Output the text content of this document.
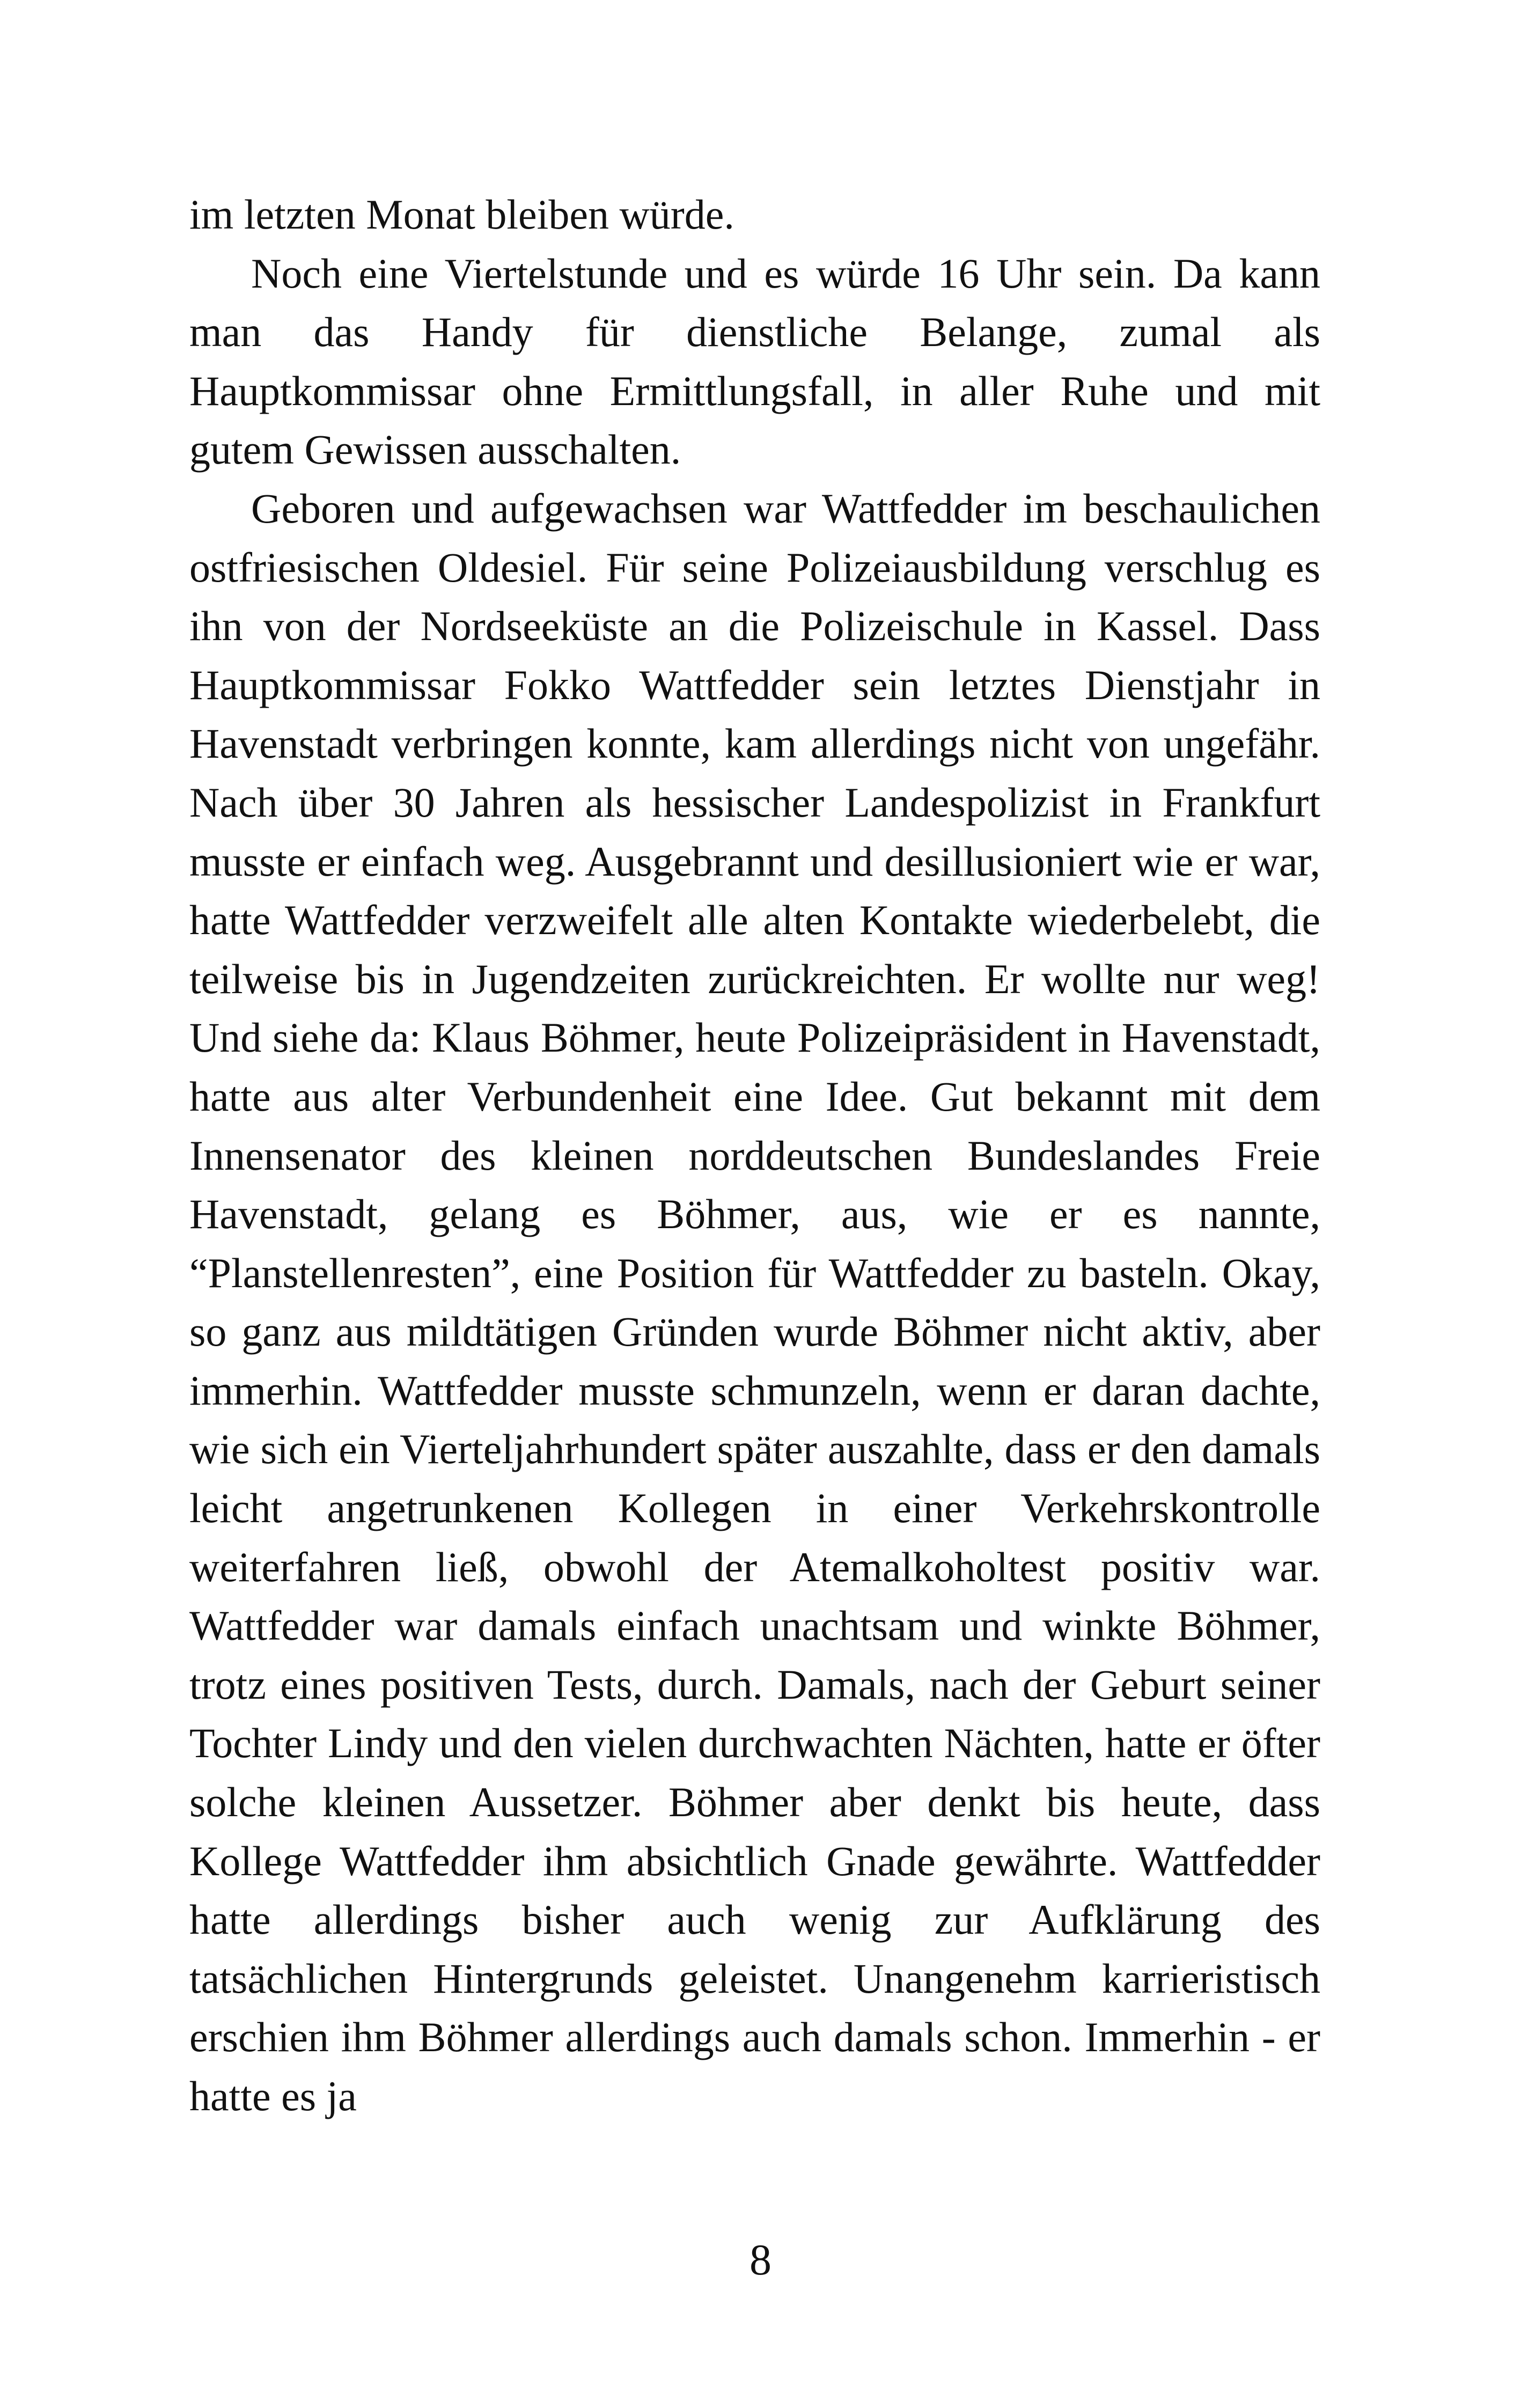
im letzten Monat bleiben würde.

Noch eine Viertelstunde und es würde 16 Uhr sein. Da kann man das Handy für dienstliche Belange, zumal als Hauptkommissar ohne Ermittlungsfall, in aller Ruhe und mit gutem Gewissen ausschalten.

Geboren und aufgewachsen war Wattfedder im beschaulichen ostfriesischen Oldesiel. Für seine Polizeiausbildung verschlug es ihn von der Nordseeküste an die Polizeischule in Kassel. Dass Hauptkommissar Fokko Wattfedder sein letztes Dienstjahr in Havenstadt verbringen konnte, kam allerdings nicht von ungefähr. Nach über 30 Jahren als hessischer Landespolizist in Frankfurt musste er einfach weg. Ausgebrannt und desillusioniert wie er war, hatte Wattfedder verzweifelt alle alten Kontakte wiederbelebt, die teilweise bis in Jugendzeiten zurückreichten. Er wollte nur weg! Und siehe da: Klaus Böhmer, heute Polizeipräsident in Havenstadt, hatte aus alter Verbundenheit eine Idee. Gut bekannt mit dem Innensenator des kleinen norddeutschen Bundeslandes Freie Havenstadt, gelang es Böhmer, aus, wie er es nannte, “Planstellenresten”, eine Position für Wattfedder zu basteln. Okay, so ganz aus mildtätigen Gründen wurde Böhmer nicht aktiv, aber immerhin. Wattfedder musste schmunzeln, wenn er daran dachte, wie sich ein Vierteljahrhundert später auszahlte, dass er den damals leicht angetrunkenen Kollegen in einer Verkehrskontrolle weiterfahren ließ, obwohl der Atemalkoholtest positiv war. Wattfedder war damals einfach unachtsam und winkte Böhmer, trotz eines positiven Tests, durch. Damals, nach der Geburt seiner Tochter Lindy und den vielen durchwachten Nächten, hatte er öfter solche kleinen Aussetzer. Böhmer aber denkt bis heute, dass Kollege Wattfedder ihm absichtlich Gnade gewährte. Wattfedder hatte allerdings bisher auch wenig zur Aufklärung des tatsächlichen Hintergrunds geleistet. Unangenehm karrieristisch erschien ihm Böhmer allerdings auch damals schon. Immerhin - er hatte es ja

8
